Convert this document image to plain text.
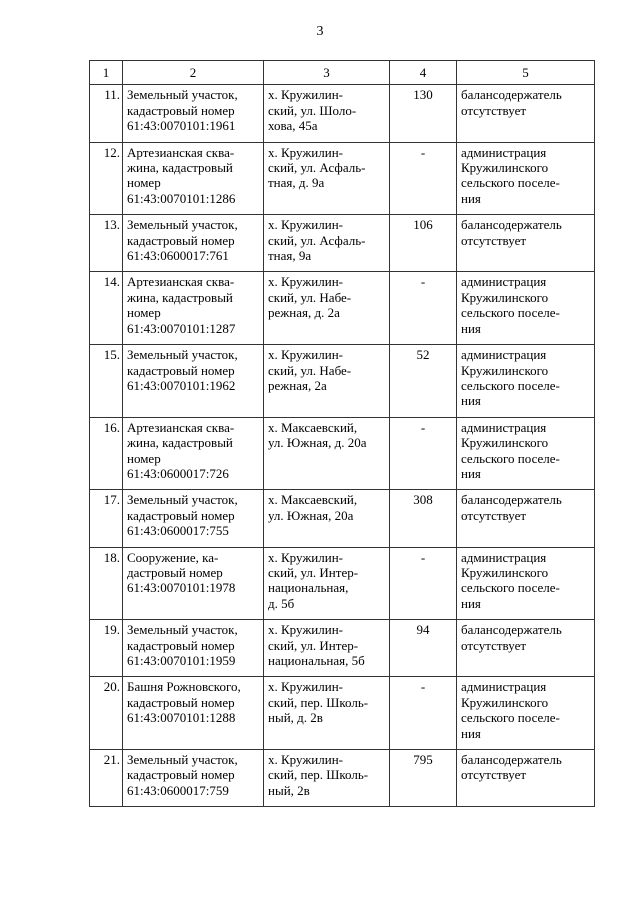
3
1	2	3	4	5
11.	Земельный участок,
кадастровый номер
61:43:0070101:1961	х. Кружилин-
ский, ул. Шоло-
хова, 45а	130	балансодержатель
отсутствует
12.	Артезианская сква-
жина, кадастровый
номер
61:43:0070101:1286	х. Кружилин-
ский, ул. Асфаль-
тная, д. 9а	-	администрация
Кружилинского
сельского поселе-
ния
13.	Земельный участок,
кадастровый номер
61:43:0600017:761	х. Кружилин-
ский, ул. Асфаль-
тная, 9а	106	балансодержатель
отсутствует
14.	Артезианская сква-
жина, кадастровый
номер
61:43:0070101:1287	х. Кружилин-
ский, ул. Набе-
режная, д. 2а	-	администрация
Кружилинского
сельского поселе-
ния
15.	Земельный участок,
кадастровый номер
61:43:0070101:1962	х. Кружилин-
ский, ул. Набе-
режная, 2а	52	администрация
Кружилинского
сельского поселе-
ния
16.	Артезианская сква-
жина, кадастровый
номер
61:43:0600017:726	х. Максаевский,
ул. Южная, д. 20а	-	администрация
Кружилинского
сельского поселе-
ния
17.	Земельный участок,
кадастровый номер
61:43:0600017:755	х. Максаевский,
ул. Южная, 20а	308	балансодержатель
отсутствует
18.	Сооружение, ка-
дастровый номер
61:43:0070101:1978	х. Кружилин-
ский, ул. Интер-
национальная,
д. 5б	-	администрация
Кружилинского
сельского поселе-
ния
19.	Земельный участок,
кадастровый номер
61:43:0070101:1959	х. Кружилин-
ский, ул. Интер-
национальная, 5б	94	балансодержатель
отсутствует
20.	Башня Рожновского,
кадастровый номер
61:43:0070101:1288	х. Кружилин-
ский, пер. Школь-
ный, д. 2в	-	администрация
Кружилинского
сельского поселе-
ния
21.	Земельный участок,
кадастровый номер
61:43:0600017:759	х. Кружилин-
ский, пер. Школь-
ный, 2в	795	балансодержатель
отсутствует
